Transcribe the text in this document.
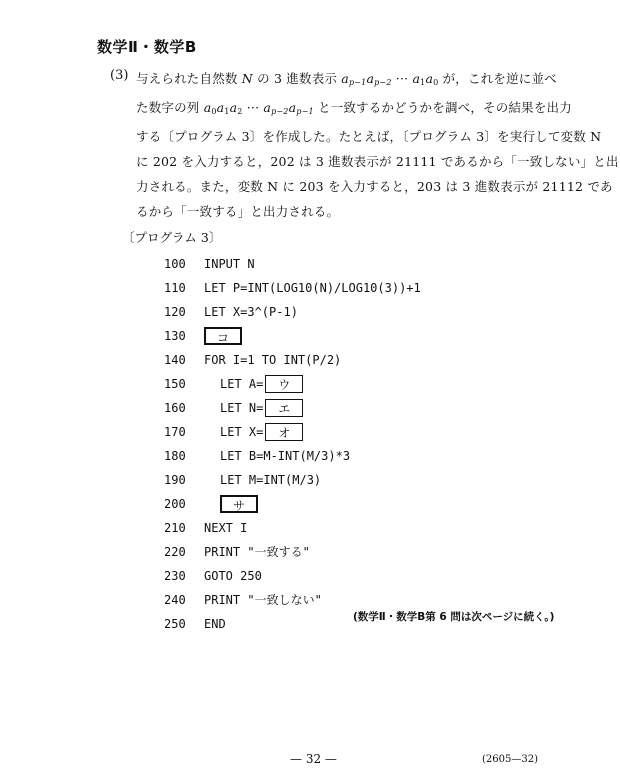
数学Ⅱ・数学B
(3) 与えられた自然数 N の 3 進数表示 $a_{p-1}a_{p-2}$ ··· $a_1a_0$ が，これを逆に並べ
た数字の列 $a_0a_1a_2$ ··· $a_{p-2}a_{p-1}$ と一致するかどうかを調べ，その結果を出力
する〔プログラム 3〕を作成した。たとえば，〔プログラム 3〕を実行して変数 N
に 202 を入力すると，202 は 3 進数表示が 21111 であるから「一致しない」と出
力される。また，変数 N に 203 を入力すると，203 は 3 進数表示が 21112 であ
るから「一致する」と出力される。
〔プログラム 3〕
100	INPUT N
110	LET P=INT(LOG10(N)/LOG10(3))+1
120	LET X=3^(P-1)
130	コ
140	FOR I=1 TO INT(P/2)
150	LET A=	ウ
160	LET N=	エ
170	LET X=	オ
180	LET B=M-INT(M/3)*3
190	LET M=INT(M/3)
200	サ
210	NEXT I
220	PRINT "一致する"
230	GOTO 250
240	PRINT "一致しない"
250	END	(数学Ⅱ・数学B第 6 問は次ページに続く。)
— 32 —	(2605—32)
